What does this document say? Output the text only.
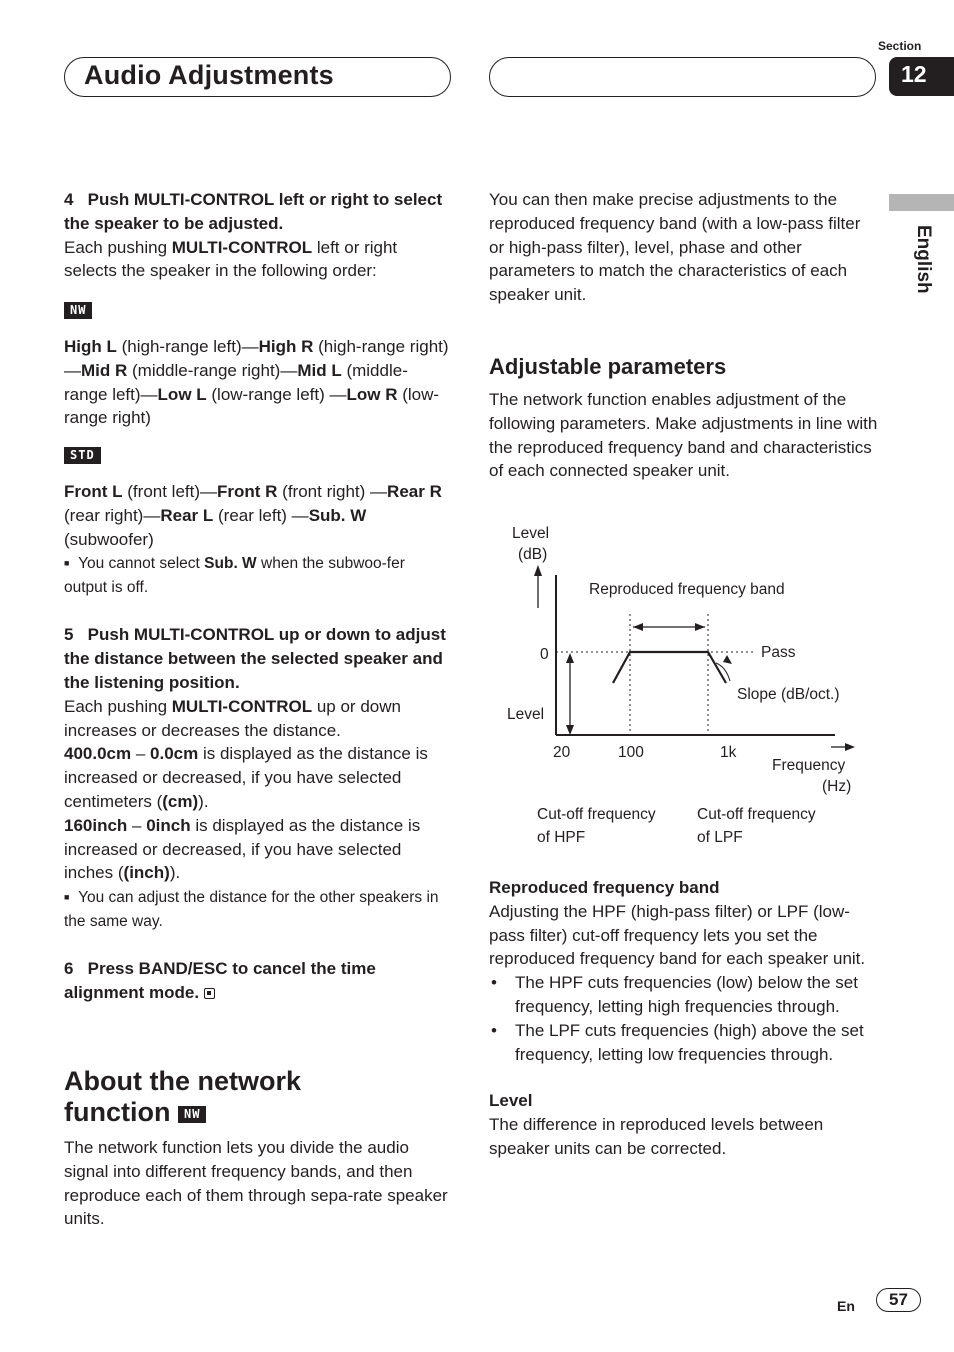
Audio Adjustments
Section
12
English

4 Push MULTI-CONTROL left or right to select the speaker to be adjusted.

Each pushing MULTI-CONTROL left or right selects the speaker in the following order:

NW

High L (high-range left)—High R (high-range right)—Mid R (middle-range right)—Mid L (middle-range left)—Low L (low-range left) —Low R (low-range right)

STD

Front L (front left)—Front R (front right) —Rear R (rear right)—Rear L (rear left) —Sub. W (subwoofer)

■ You cannot select Sub. W when the subwoo-fer output is off.

5 Push MULTI-CONTROL up or down to adjust the distance between the selected speaker and the listening position.

Each pushing MULTI-CONTROL up or down increases or decreases the distance.

400.0cm – 0.0cm is displayed as the distance is increased or decreased, if you have selected centimeters ((cm)).

160inch – 0inch is displayed as the distance is increased or decreased, if you have selected inches ((inch)).

■ You can adjust the distance for the other speakers in the same way.

6 Press BAND/ESC to cancel the time alignment mode.

About the network
function NW
The network function lets you divide the audio signal into different frequency bands, and then reproduce each of them through sepa-rate speaker units.
You can then make precise adjustments to the reproduced frequency band (with a low-pass filter or high-pass filter), level, phase and other parameters to match the characteristics of each speaker unit.
Adjustable parameters
The network function enables adjustment of the following parameters. Make adjustments in line with the reproduced frequency band and characteristics of each connected speaker unit.
Level
(dB)
Reproduced frequency band
0	Pass
Slope (dB/oct.)
Level
20	100	1k
Frequency
(Hz)
Cut-off frequency
of HPF
Cut-off frequency
of LPF

Reproduced frequency band

Adjusting the HPF (high-pass filter) or LPF (low-pass filter) cut-off frequency lets you set the reproduced frequency band for each speaker unit.

• The HPF cuts frequencies (low) below the set frequency, letting high frequencies through.
• The LPF cuts frequencies (high) above the set frequency, letting low frequencies through.

Level

The difference in reproduced levels between speaker units can be corrected.

En	57
